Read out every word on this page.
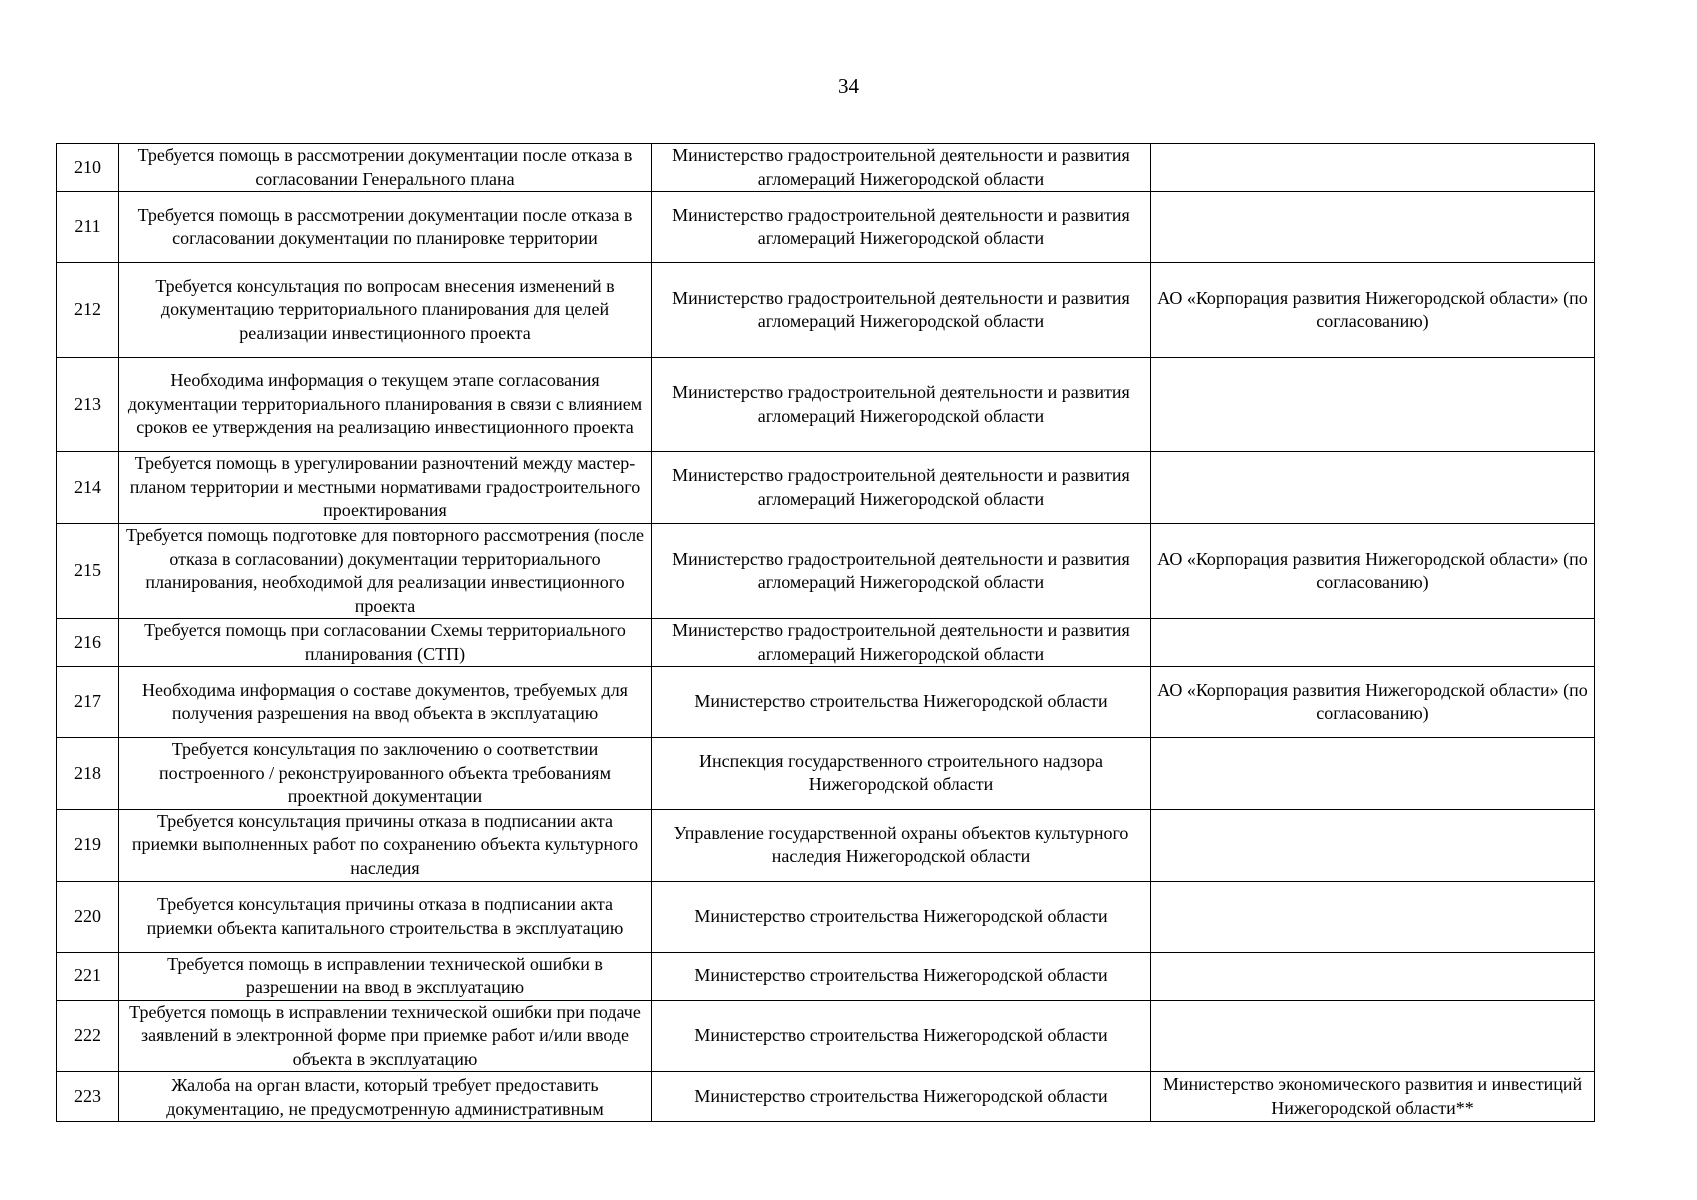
34
210	Требуется помощь в рассмотрении документации после отказа в согласовании Генерального плана	Министерство градостроительной деятельности и развития агломераций Нижегородской области	
211	Требуется помощь в рассмотрении документации после отказа в согласовании документации по планировке территории	Министерство градостроительной деятельности и развития агломераций Нижегородской области	
212	Требуется консультация по вопросам внесения изменений в документацию территориального планирования для целей реализации инвестиционного проекта	Министерство градостроительной деятельности и развития агломераций Нижегородской области	АО «Корпорация развития Нижегородской области» (по согласованию)
213	Необходима информация о текущем этапе согласования документации территориального планирования в связи с влиянием сроков ее утверждения на реализацию инвестиционного проекта	Министерство градостроительной деятельности и развития агломераций Нижегородской области	
214	Требуется помощь в урегулировании разночтений между мастер-планом территории и местными нормативами градостроительного проектирования	Министерство градостроительной деятельности и развития агломераций Нижегородской области	
215	Требуется помощь подготовке для повторного рассмотрения (после отказа в согласовании) документации территориального планирования, необходимой для реализации инвестиционного проекта	Министерство градостроительной деятельности и развития агломераций Нижегородской области	АО «Корпорация развития Нижегородской области» (по согласованию)
216	Требуется помощь при согласовании Схемы территориального планирования (СТП)	Министерство градостроительной деятельности и развития агломераций Нижегородской области	
217	Необходима информация о составе документов, требуемых для получения разрешения на ввод объекта в эксплуатацию	Министерство строительства Нижегородской области	АО «Корпорация развития Нижегородской области» (по согласованию)
218	Требуется консультация по заключению о соответствии построенного / реконструированного объекта требованиям проектной документации	Инспекция государственного строительного надзора Нижегородской области	
219	Требуется консультация причины отказа в подписании акта приемки выполненных работ по сохранению объекта культурного наследия	Управление государственной охраны объектов культурного наследия Нижегородской области	
220	Требуется консультация причины отказа в подписании акта приемки объекта капитального строительства в эксплуатацию	Министерство строительства Нижегородской области	
221	Требуется помощь в исправлении технической ошибки в разрешении на ввод в эксплуатацию	Министерство строительства Нижегородской области	
222	Требуется помощь в исправлении технической ошибки при подаче заявлений в электронной форме при приемке работ и/или вводе объекта в эксплуатацию	Министерство строительства Нижегородской области	
223	Жалоба на орган власти, который требует предоставить документацию, не предусмотренную административным	Министерство строительства Нижегородской области	Министерство экономического развития и инвестиций Нижегородской области**
